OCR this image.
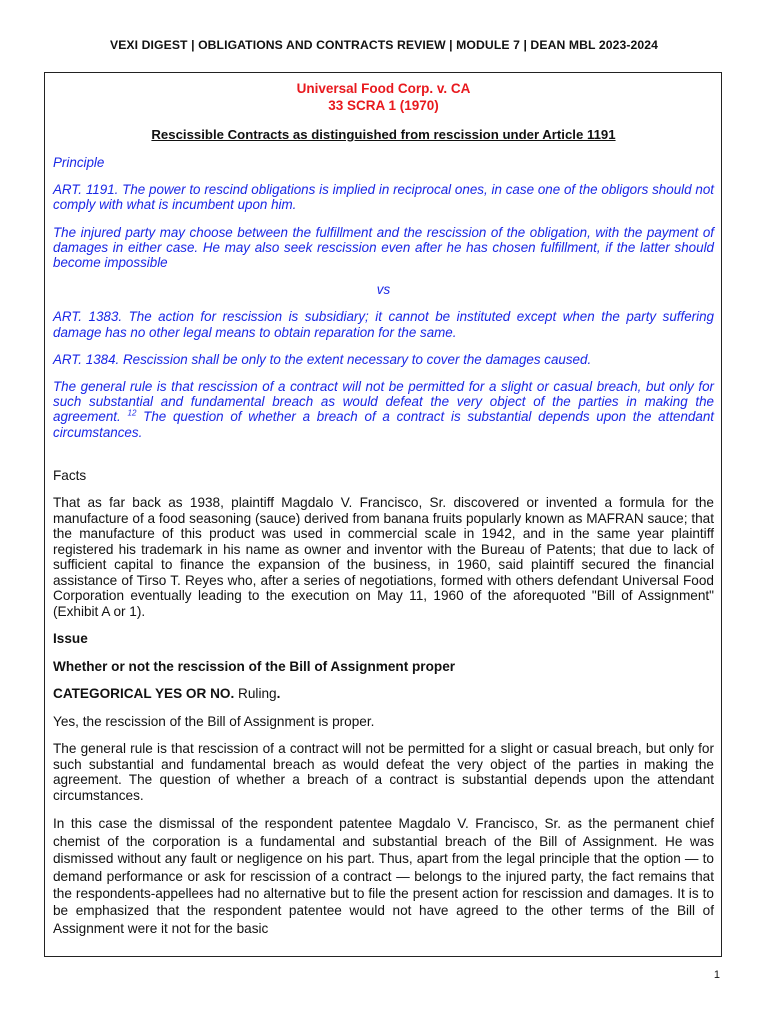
VEXI DIGEST | OBLIGATIONS AND CONTRACTS REVIEW | MODULE 7 | DEAN MBL 2023-2024
Universal Food Corp. v. CA
33 SCRA 1 (1970)
Rescissible Contracts as distinguished from rescission under Article 1191

Principle

ART. 1191. The power to rescind obligations is implied in reciprocal ones, in case one of the obligors should not comply with what is incumbent upon him.

The injured party may choose between the fulfillment and the rescission of the obligation, with the payment of damages in either case. He may also seek rescission even after he has chosen fulfillment, if the latter should become impossible

vs

ART. 1383. The action for rescission is subsidiary; it cannot be instituted except when the party suffering damage has no other legal means to obtain reparation for the same.

ART. 1384. Rescission shall be only to the extent necessary to cover the damages caused.

The general rule is that rescission of a contract will not be permitted for a slight or casual breach, but only for such substantial and fundamental breach as would defeat the very object of the parties in making the agreement. $^{12}$ The question of whether a breach of a contract is substantial depends upon the attendant circumstances.

Facts

That as far back as 1938, plaintiff Magdalo V. Francisco, Sr. discovered or invented a formula for the manufacture of a food seasoning (sauce) derived from banana fruits popularly known as MAFRAN sauce; that the manufacture of this product was used in commercial scale in 1942, and in the same year plaintiff registered his trademark in his name as owner and inventor with the Bureau of Patents; that due to lack of sufficient capital to finance the expansion of the business, in 1960, said plaintiff secured the financial assistance of Tirso T. Reyes who, after a series of negotiations, formed with others defendant Universal Food Corporation eventually leading to the execution on May 11, 1960 of the aforequoted "Bill of Assignment" (Exhibit A or 1).

Issue

Whether or not the rescission of the Bill of Assignment proper

CATEGORICAL YES OR NO. Ruling.

Yes, the rescission of the Bill of Assignment is proper.

The general rule is that rescission of a contract will not be permitted for a slight or casual breach, but only for such substantial and fundamental breach as would defeat the very object of the parties in making the agreement. The question of whether a breach of a contract is substantial depends upon the attendant circumstances.

In this case the dismissal of the respondent patentee Magdalo V. Francisco, Sr. as the permanent chief chemist of the corporation is a fundamental and substantial breach of the Bill of Assignment. He was dismissed without any fault or negligence on his part. Thus, apart from the legal principle that the option — to demand performance or ask for rescission of a contract — belongs to the injured party, the fact remains that the respondents-appellees had no alternative but to file the present action for rescission and damages. It is to be emphasized that the respondent patentee would not have agreed to the other terms of the Bill of Assignment were it not for the basic

1
